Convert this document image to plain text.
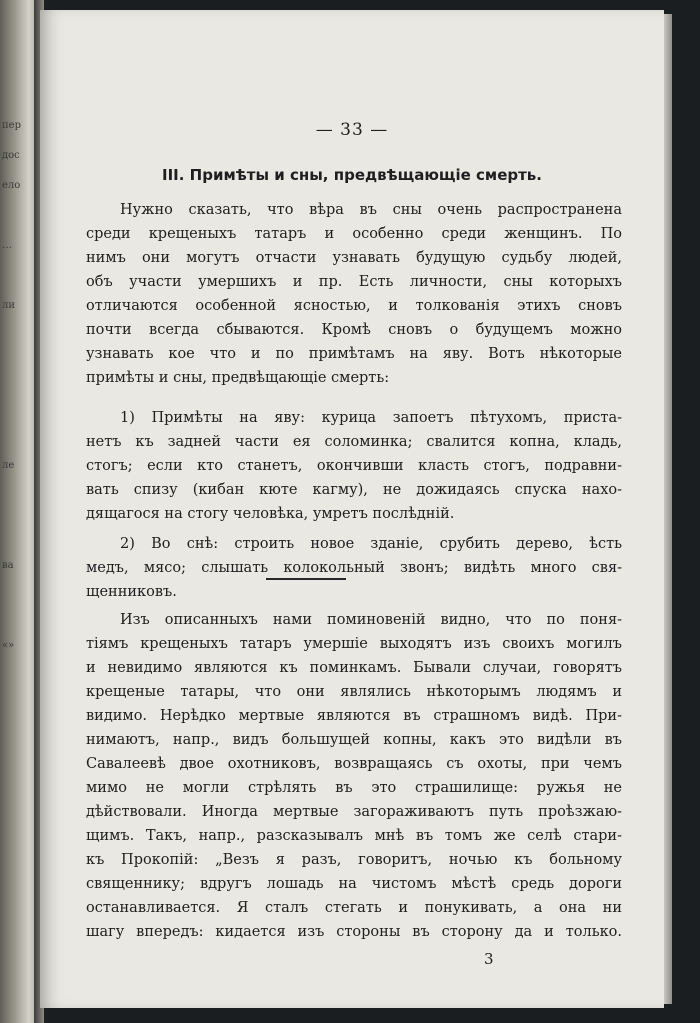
пер
дос
ело
…
ли
ле
ва
«»
— 33 —
III. Примѣты и сны, предвѣщающіе смерть.
Нужно сказать, что вѣра въ сны очень распространена
среди крещеныхъ татаръ и особенно среди женщинъ. По
нимъ они могутъ отчасти узнавать будущую судьбу людей,
объ участи умершихъ и пр. Есть личности, сны которыхъ
отличаются особенной ясностью, и толкованія этихъ сновъ
почти всегда сбываются. Кромѣ сновъ о будущемъ можно
узнавать кое что и по примѣтамъ на яву. Вотъ нѣкоторые
примѣты и сны, предвѣщающіе смерть:
1) Примѣты на яву: курица запоетъ пѣтухомъ, приста-
нетъ къ задней части ея соломинка; свалится копна, кладь,
стогъ; если кто станетъ, окончивши класть стогъ, подравни-
вать спизу (кибан кюте кагму), не дожидаясь спуска нахо-
дящагося на стогу человѣка, умретъ послѣдній.
2) Во снѣ: строить новое зданіе, срубить дерево, ѣсть
медъ, мясо; слышать колокольный звонъ; видѣть много свя-
щенниковъ.
Изъ описанныхъ нами поминовеній видно, что по поня-
тіямъ крещеныхъ татаръ умершіе выходятъ изъ своихъ могилъ
и невидимо являются къ поминкамъ. Бывали случаи, говорятъ
крещеные татары, что они являлись нѣкоторымъ людямъ и
видимо. Нерѣдко мертвые являются въ страшномъ видѣ. При-
нимаютъ, напр., видъ большущей копны, какъ это видѣли въ
Савалеевѣ двое охотниковъ, возвращаясь съ охоты, при чемъ
мимо не могли стрѣлять въ это страшилище: ружья не
дѣйствовали. Иногда мертвые загораживаютъ путь проѣзжаю-
щимъ. Такъ, напр., разсказывалъ мнѣ въ томъ же селѣ стари-
къ Прокопій: „Везъ я разъ, говоритъ, ночью къ больному
священнику; вдругъ лошадь на чистомъ мѣстѣ средь дороги
останавливается. Я сталъ стегать и понукивать, а она ни
шагу впередъ: кидается изъ стороны въ сторону да и только.
3
